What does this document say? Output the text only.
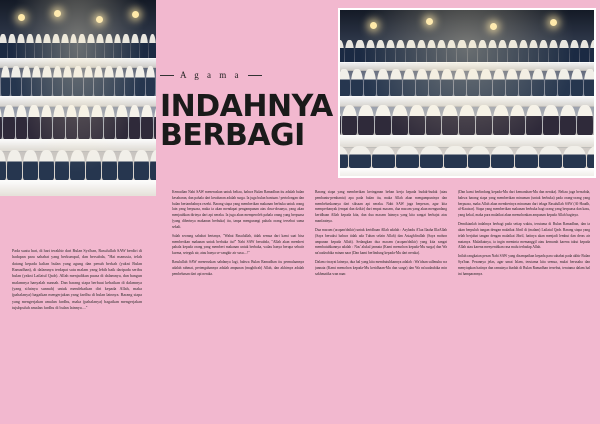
A g a m a
INDAHNYA
BERBAGI
Pada suatu hari, di hari terakhir dari Bulan Sya'ban, Rasulullah SAW berdiri di hadapan para sahabat yang berkumpul, dan bersabda, "Hai manusia, telah datang kepada kalian bulan yang agung dan penuh berkah (yakni Bulan Ramadhan), di dalamnya terdapat satu malam yang lebih baik daripada seribu bulan (yakni Lailatul Qadr). Allah menjadikan puasa di dalamnya, dan bangun malamnya hanyalah sunnah. Dan barang siapa berbuat kebaikan di dalamnya (yang sifatnya sunnah) untuk mendekatkan diri kepada Allah, maka (pahalanya) bagaikan mengerjakan yang fardhu di bulan lainnya. Barang siapa yang mengerjakan amalan fardhu, maka (pahalanya) bagaikan mengerjakan tujuhpuluh amalan fardhu di bulan lainnya...."

Kemudian Nabi SAW meneruskan untuk beliau, bahwa Bulan Ramadhan itu adalah bulan kesabaran, dan pahala dari kesabaran adalah surga. Ia juga bulan bantuan / pertolongan dan bulan bertambahnya rezeki. Barang siapa yang memberikan makanan berbuka untuk orang lain yang berpuasa, maka ia akan mendapat pengampunan atas dosa-dosanya, yang akan menjauhkan dirinya dari api neraka. Ia juga akan memperoleh pahala orang yang berpuasa (yang diberinya makanan berbuka) itu, tanpa mengurangi pahala orang tersebut sama sekali.

Salah seorang sahabat bertanya, "Wahai Rasulullah, tidak semua dari kami saat bisa memberikan makanan untuk berbuka itu!" Nabi SAW bersabda, "Allah akan memberi pahala kepada orang yang memberi makanan untuk berbuka, walau hanya berupa sebutir kurma, seteguk air, atau hanya se-cangkir air susu....!"

Rasulullah SAW meneruskan sabdanya lagi, bahwa Bulan Ramadhan itu permulaannya adalah rahmat, pertengahannya adalah ampunan (maghfirah) Allah, dan akhirnya adalah pembebasan dari api neraka.

Barang siapa yang memberikan keringanan beban kerja kepada budak-budak (atau pembantu-pembantu) apa pada bulan itu, maka Allah akan mengampuninya dan membebaskannya dari siksaan api neraka. Nabi SAW juga berpesan, agar kita memperbanyak (empat dan dzikir) dari empat macam, dua macam yang akan mengundang keridhaan Allah kepada kita, dan dua macam lainnya yang kita sangat berhajat atas manfaatnya.

Dua macam (ucapan/dzikir) untuk keridhaan Allah adalah : Asyhadu A'laa Ilaaha IllaAllah (Saya bersaksi bahwa tidak ada Tuhan selain Allah) dan Astaghfirullah (Saya mohon ampunan kepada Allah). Sedangkan dua macam (ucapan/dzikir) yang kita sangat membutuhkannya adalah : Nas' alukal jannata (Kami memohon kepada-Mu surga) dan Wa na'uudzubika minan naar (Dan kami berlindung kepada-Mu dari neraka).

Dalam riwayat lainnya, dua hal yang kita membutuhkannya adalah : Wa'idzan sallmuhu wa jannata (Kami memohon kepada-Mu keridhaan-Mu dan surga) dan Wa na'uudzubika min sakhmatika wan naar.

(Dan kami berlindung kepada-Mu dari kemarahan-Mu dan neraka). Beliau juga bersabda, bahwa barang siapa yang memberikan minuman (untuk berbuka) pada orang-orang yang berpuasa, maka Allah akan memberinya minuman dari telaga Rasulullah SAW (Al-Haudh, al-Kautsar). Siapa yang memberikan makanan berbuka bagi orang yang berpuasa dan kasu, yang kekal, maka para malaikat akan memohonkan ampunan kepada Allah baginya.

Demikianlah indahnya berbagi pada setiap waktu, terutama di Bulan Ramadhan, dan ia akan berpuluh tangan dengan malaikat Jibril di (malam) Lailatul Qadr. Barang siapa yang telah berjabat tangan dengan malaikat Jibril, hatinya akan menjadi lembut dan deras air matanya. Malaikatnya, ia ingin meminta memanggil atau kemurah karena takut kepada Allah atau karena menyerahkan rasa malu terhadap Allah.

Inilah rangkaian pesan Nabi SAW yang disampaikan kepada para sahabat pada akhir Bulan Sya'ban. Pesannya jelas, agar umat Islam, terutama kita semua, mulai berusaha dan menyiapkan hatinya dan ramainya ibadah di Bulan Ramadhan tersebut, terutama dalam hal ini hamparannya.
